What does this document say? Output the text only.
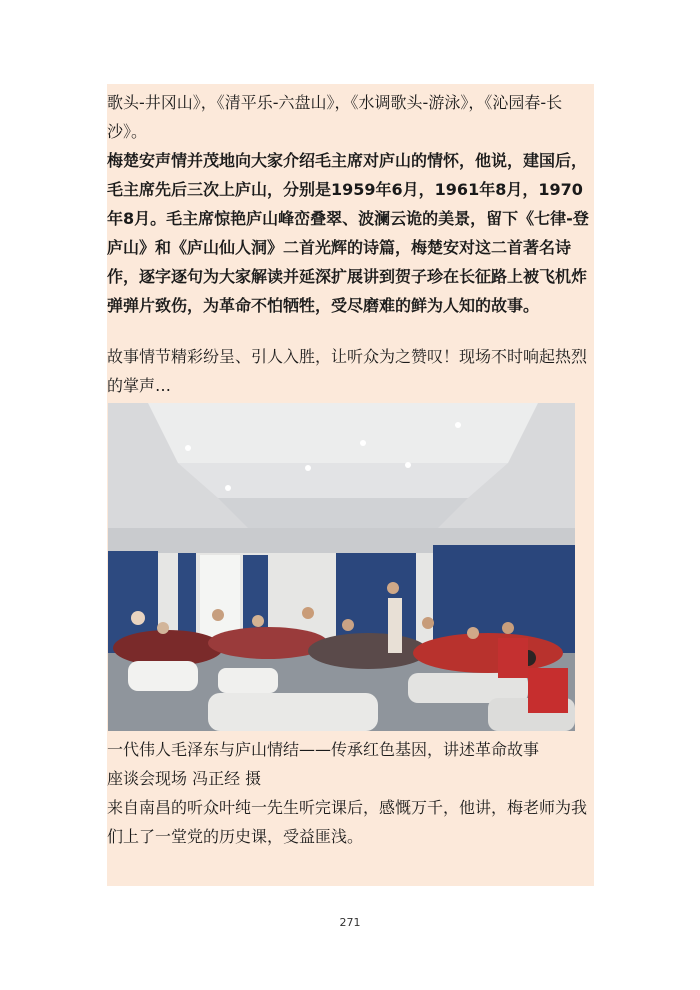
歌头-井冈山》，《清平乐-六盘山》，《水调歌头-游泳》，《沁园春-长沙》。

梅楚安声情并茂地向大家介绍毛主席对庐山的情怀，他说，建国后，毛主席先后三次上庐山，分别是1959年6月，1961年8月，1970年8月。毛主席惊艳庐山峰峦叠翠、波澜云诡的美景，留下《七律-登庐山》和《庐山仙人洞》二首光辉的诗篇，梅楚安对这二首著名诗作，逐字逐句为大家解读并延深扩展讲到贺子珍在长征路上被飞机炸弹弹片致伤，为革命不怕牺牲，受尽磨难的鲜为人知的故事。

故事情节精彩纷呈、引人入胜，让听众为之赞叹！现场不时响起热烈的掌声…

一代伟人毛泽东与庐山情结——传承红色基因，讲述革命故事

座谈会现场 冯正经 摄

来自南昌的听众叶纯一先生听完课后，感慨万千，他讲，梅老师为我们上了一堂党的历史课，受益匪浅。

271
